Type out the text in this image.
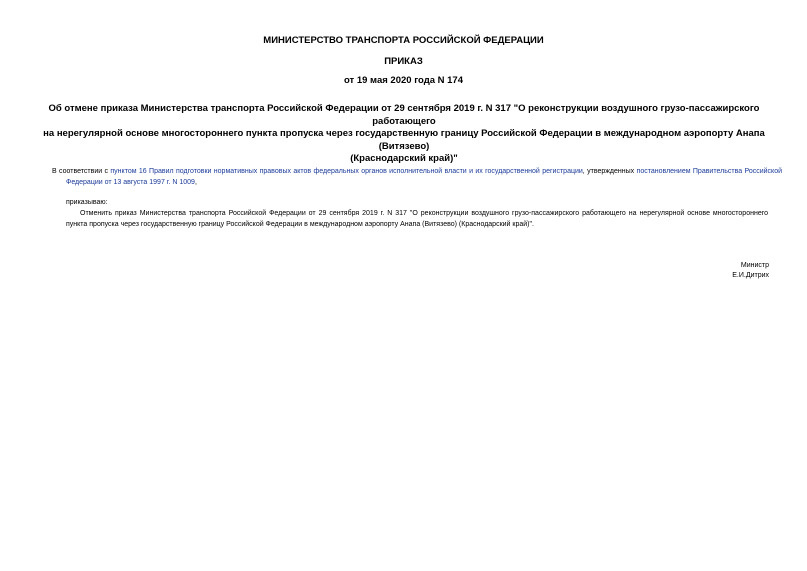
МИНИСТЕРСТВО ТРАНСПОРТА РОССИЙСКОЙ ФЕДЕРАЦИИ
ПРИКАЗ
от 19 мая 2020 года N 174
Об отмене приказа Министерства транспорта Российской Федерации от 29 сентября 2019 г. N 317 "О реконструкции воздушного грузо-пассажирского работающего
на нерегулярной основе многостороннего пункта пропуска через государственную границу Российской Федерации в международном аэропорту Анапа (Витязево)
(Краснодарский край)"
В соответствии с пунктом 16 Правил подготовки нормативных правовых актов федеральных органов исполнительной власти и их государственной регистрации, утвержденных постановлением Правительства Российской Федерации от 13 августа 1997 г. N 1009,
приказываю:
Отменить приказ Министерства транспорта Российской Федерации от 29 сентября 2019 г. N 317 "О реконструкции воздушного грузо-пассажирского работающего на нерегулярной основе многостороннего пункта пропуска через государственную границу Российской Федерации в международном аэропорту Анапа (Витязево) (Краснодарский край)".
Министр
Е.И.Дитрих
